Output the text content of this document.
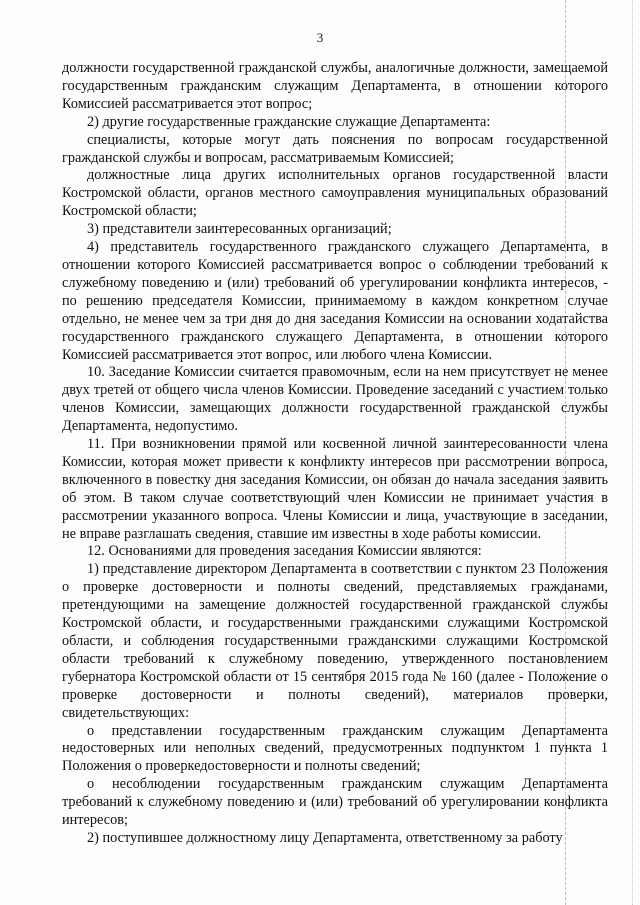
3

должности государственной гражданской службы, аналогичные должности, замещаемой государственным гражданским служащим Департамента, в отношении которого Комиссией рассматривается этот вопрос;

2) другие государственные гражданские служащие Департамента:

специалисты, которые могут дать пояснения по вопросам государственной гражданской службы и вопросам, рассматриваемым Комиссией;

должностные лица других исполнительных органов государственной власти Костромской области, органов местного самоуправления муниципальных образований Костромской области;

3) представители заинтересованных организаций;

4) представитель государственного гражданского служащего Департамента, в отношении которого Комиссией рассматривается вопрос о соблюдении требований к служебному поведению и (или) требований об урегулировании конфликта интересов, - по решению председателя Комиссии, принимаемому в каждом конкретном случае отдельно, не менее чем за три дня до дня заседания Комиссии на основании ходатайства государственного гражданского служащего Департамента, в отношении которого Комиссией рассматривается этот вопрос, или любого члена Комиссии.

10. Заседание Комиссии считается правомочным, если на нем присутствует не менее двух третей от общего числа членов Комиссии. Проведение заседаний с участием только членов Комиссии, замещающих должности государственной гражданской службы Департамента, недопустимо.

11. При возникновении прямой или косвенной личной заинтересованности члена Комиссии, которая может привести к конфликту интересов при рассмотрении вопроса, включенного в повестку дня заседания Комиссии, он обязан до начала заседания заявить об этом. В таком случае соответствующий член Комиссии не принимает участия в рассмотрении указанного вопроса. Члены Комиссии и лица, участвующие в заседании, не вправе разглашать сведения, ставшие им известны в ходе работы комиссии.

12. Основаниями для проведения заседания Комиссии являются:

1) представление директором Департамента в соответствии с пунктом 23 Положения о проверке достоверности и полноты сведений, представляемых гражданами, претендующими на замещение должностей государственной гражданской службы Костромской области, и государственными гражданскими служащими Костромской области, и соблюдения государственными гражданскими служащими Костромской области требований к служебному поведению, утвержденного постановлением губернатора Костромской области от 15 сентября 2015 года № 160 (далее - Положение о проверке достоверности и полноты сведений), материалов проверки, свидетельствующих:

о представлении государственным гражданским служащим Департамента недостоверных или неполных сведений, предусмотренных подпунктом 1 пункта 1 Положения о проверкедостоверности и полноты сведений;

о несоблюдении государственным гражданским служащим Департамента требований к служебному поведению и (или) требований об урегулировании конфликта интересов;

2) поступившее должностному лицу Департамента, ответственному за работу
